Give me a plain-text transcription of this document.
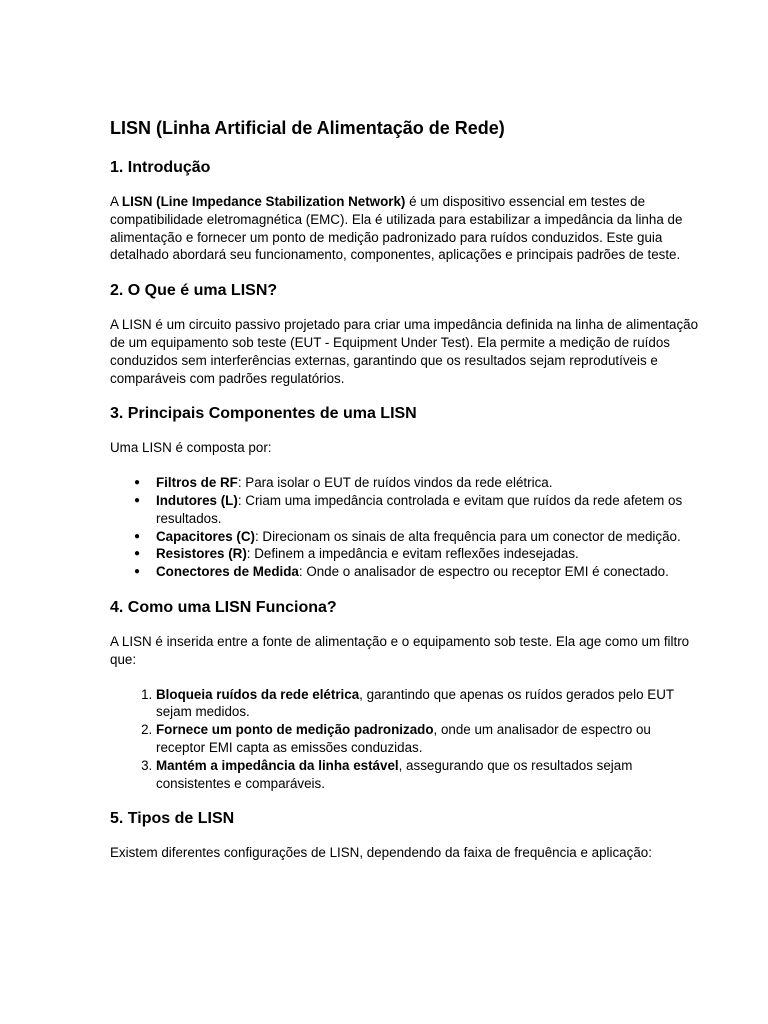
LISN (Linha Artificial de Alimentação de Rede)
1. Introdução

A LISN (Line Impedance Stabilization Network) é um dispositivo essencial em testes de compatibilidade eletromagnética (EMC). Ela é utilizada para estabilizar a impedância da linha de alimentação e fornecer um ponto de medição padronizado para ruídos conduzidos. Este guia detalhado abordará seu funcionamento, componentes, aplicações e principais padrões de teste.

2. O Que é uma LISN?

A LISN é um circuito passivo projetado para criar uma impedância definida na linha de alimentação de um equipamento sob teste (EUT - Equipment Under Test). Ela permite a medição de ruídos conduzidos sem interferências externas, garantindo que os resultados sejam reprodutíveis e comparáveis com padrões regulatórios.

3. Principais Componentes de uma LISN

Uma LISN é composta por:

● Filtros de RF: Para isolar o EUT de ruídos vindos da rede elétrica.
● Indutores (L): Criam uma impedância controlada e evitam que ruídos da rede afetem os resultados.
● Capacitores (C): Direcionam os sinais de alta frequência para um conector de medição.
● Resistores (R): Definem a impedância e evitam reflexões indesejadas.
● Conectores de Medida: Onde o analisador de espectro ou receptor EMI é conectado.
4. Como uma LISN Funciona?

A LISN é inserida entre a fonte de alimentação e o equipamento sob teste. Ela age como um filtro que:

1. Bloqueia ruídos da rede elétrica, garantindo que apenas os ruídos gerados pelo EUT sejam medidos.
2. Fornece um ponto de medição padronizado, onde um analisador de espectro ou receptor EMI capta as emissões conduzidas.
3. Mantém a impedância da linha estável, assegurando que os resultados sejam consistentes e comparáveis.
5. Tipos de LISN

Existem diferentes configurações de LISN, dependendo da faixa de frequência e aplicação:
